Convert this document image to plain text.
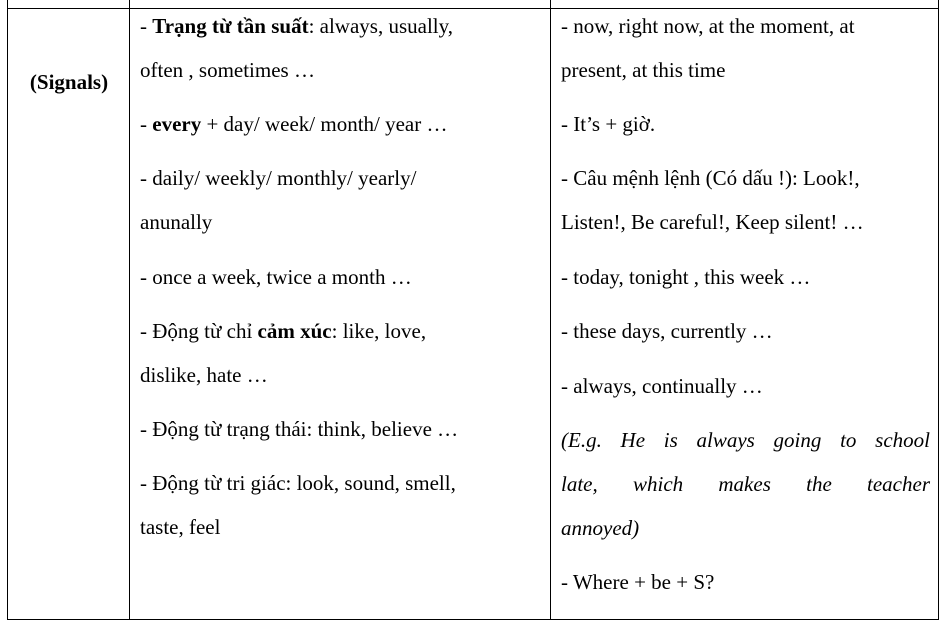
(Signals)
- Trạng từ tần suất: always, usually,
often , sometimes …
- every + day/ week/ month/ year …
- daily/ weekly/ monthly/ yearly/
anunally
- once a week, twice a month …
- Động từ chỉ cảm xúc: like, love,
dislike, hate …
- Động từ trạng thái: think, believe …
- Động từ tri giác: look, sound, smell,
taste, feel
- now, right now, at the moment, at
present, at this time
- It’s + giờ.
- Câu mệnh lệnh (Có dấu !): Look!,
Listen!, Be careful!, Keep silent! …
- today, tonight , this week …
- these days, currently …
- always, continually …
(E.g. He is always going to school
late, which makes the teacher
annoyed)
- Where + be + S?
